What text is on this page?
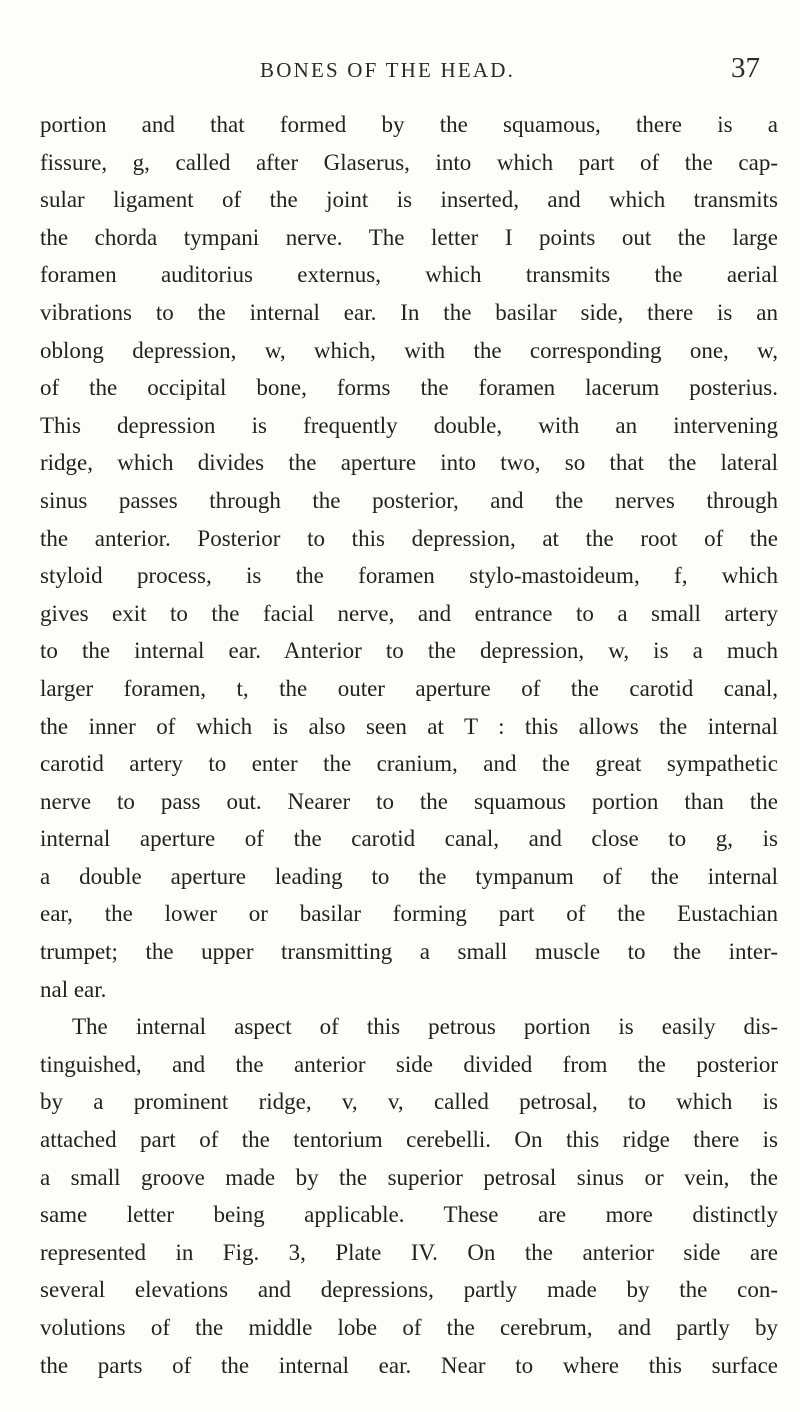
BONES OF THE HEAD.	37
portion and that formed by the squamous, there is a
fissure, g, called after Glaserus, into which part of the cap-
sular ligament of the joint is inserted, and which transmits
the chorda tympani nerve. The letter I points out the large
foramen auditorius externus, which transmits the aerial
vibrations to the internal ear. In the basilar side, there is an
oblong depression, w, which, with the corresponding one, w,
of the occipital bone, forms the foramen lacerum posterius.
This depression is frequently double, with an intervening
ridge, which divides the aperture into two, so that the lateral
sinus passes through the posterior, and the nerves through
the anterior. Posterior to this depression, at the root of the
styloid process, is the foramen stylo-mastoideum, f, which
gives exit to the facial nerve, and entrance to a small artery
to the internal ear. Anterior to the depression, w, is a much
larger foramen, t, the outer aperture of the carotid canal,
the inner of which is also seen at T : this allows the internal
carotid artery to enter the cranium, and the great sympathetic
nerve to pass out. Nearer to the squamous portion than the
internal aperture of the carotid canal, and close to g, is
a double aperture leading to the tympanum of the internal
ear, the lower or basilar forming part of the Eustachian
trumpet; the upper transmitting a small muscle to the inter-
nal ear.
The internal aspect of this petrous portion is easily dis-
tinguished, and the anterior side divided from the posterior
by a prominent ridge, v, v, called petrosal, to which is
attached part of the tentorium cerebelli. On this ridge there is
a small groove made by the superior petrosal sinus or vein, the
same letter being applicable. These are more distinctly
represented in Fig. 3, Plate IV. On the anterior side are
several elevations and depressions, partly made by the con-
volutions of the middle lobe of the cerebrum, and partly by
the parts of the internal ear. Near to where this surface
